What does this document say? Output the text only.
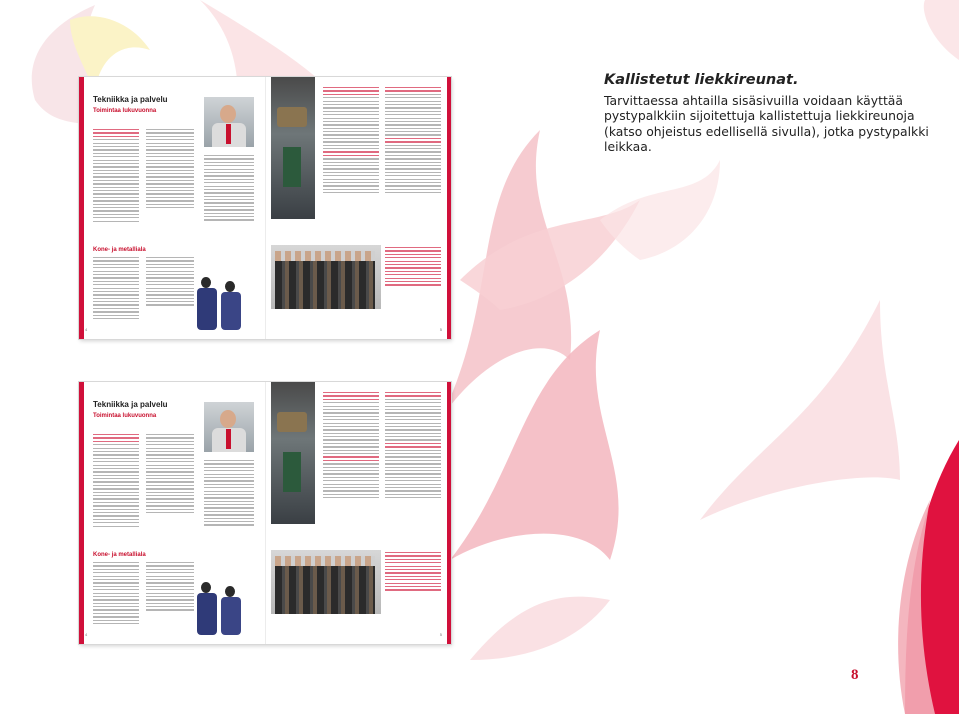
Tekniikka ja palvelu
Toimintaa lukuvuonna
Kone- ja metalliala
4	5
Tekniikka ja palvelu
Toimintaa lukuvuonna
Kone- ja metalliala
4	5
Kallistetut liekkireunat.

Tarvittaessa ahtailla sisäsivuilla voidaan käyttää pystypalkkiin sijoitettuja kallistettuja liekkireunoja (katso ohjeistus edellisellä sivulla), jotka pystypalkki leikkaa.

8
